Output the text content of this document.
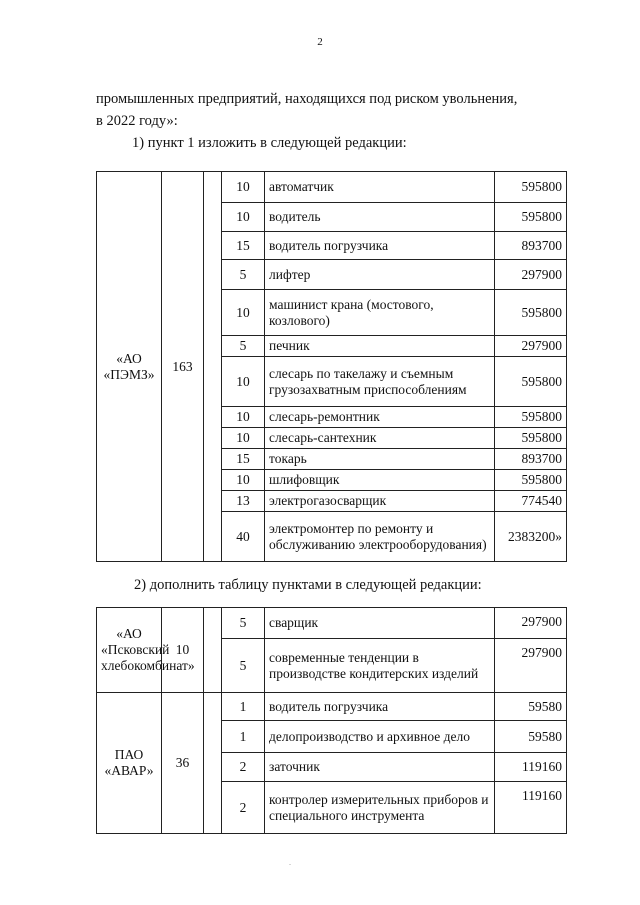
2
промышленных предприятий, находящихся под риском увольнения,
в 2022 году»:
1) пункт 1 изложить в следующей редакции:
«АО «ПЭМЗ»	163		10	автоматчик	595800
			10	водитель	595800
			15	водитель погрузчика	893700
			5	лифтер	297900
			10	машинист крана (мостового, козлового)	595800
			5	печник	297900
			10	слесарь по такелажу и съемным грузозахватным приспособлениям	595800
			10	слесарь-ремонтник	595800
			10	слесарь-сантехник	595800
			15	токарь	893700
			10	шлифовщик	595800
			13	электрогазосварщик	774540
			40	электромонтер по ремонту и обслуживанию электрооборудования)	2383200»
2) дополнить таблицу пунктами в следующей редакции:
«АО «Псковский хлебокомбинат»	10		5	сварщик	297900
			5	современные тенденции в производстве кондитерских изделий	297900
ПАО «АВАР»	36		1	водитель погрузчика	59580
			1	делопроизводство и архивное дело	59580
			2	заточник	119160
			2	контролер измерительных приборов и специального инструмента	119160
.
